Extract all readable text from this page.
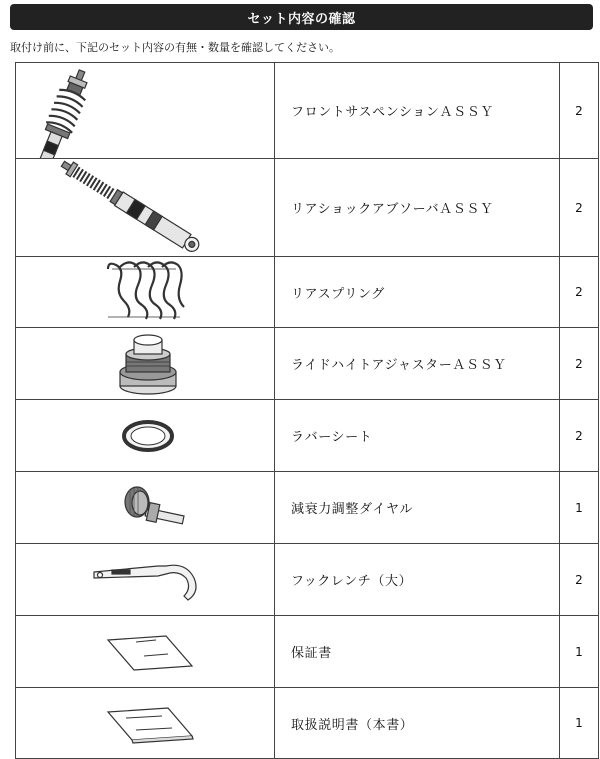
セット内容の確認
取付け前に、下記のセット内容の有無・数量を確認してください。
	フロントサスペンションＡＳＳＹ	2

	リアショックアブソーバＡＳＳＹ	2

	リアスプリング	2

	ライドハイトアジャスターＡＳＳＹ	2

	ラバーシート	2

	減衰力調整ダイヤル	1

	フックレンチ（大）	2

	保証書	1

	取扱説明書（本書）	1
